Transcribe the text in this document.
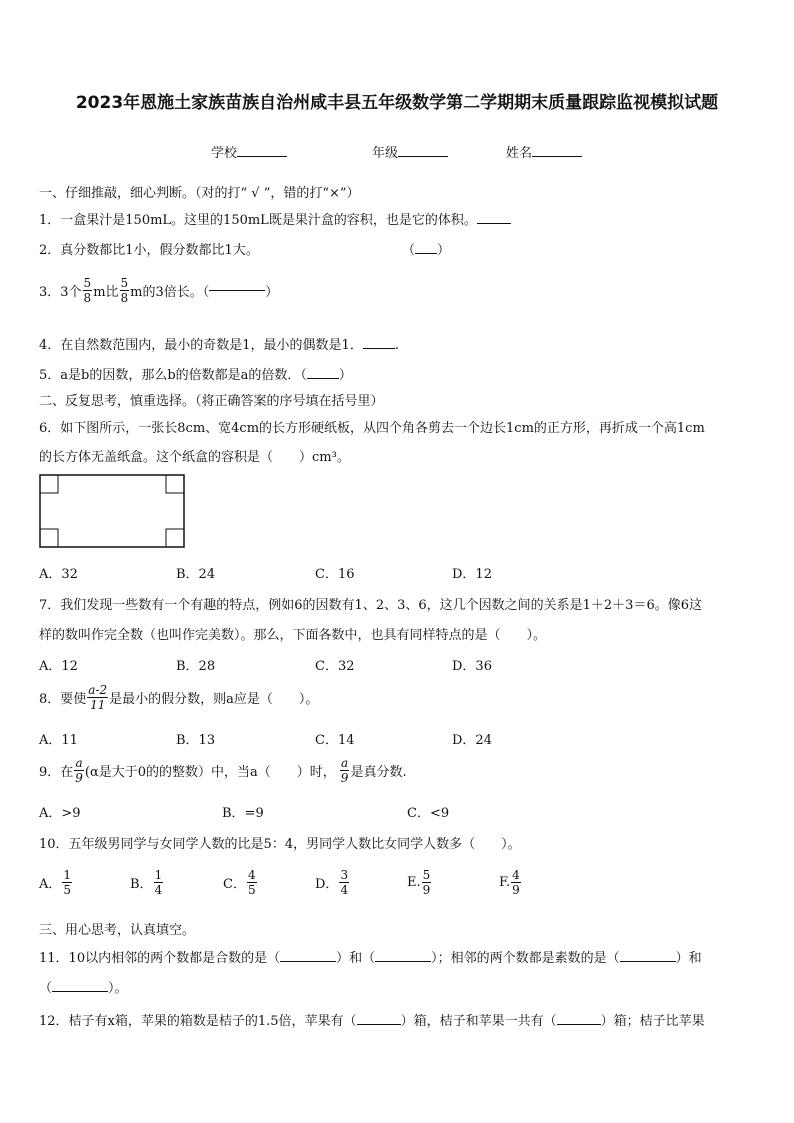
2023年恩施土家族苗族自治州咸丰县五年级数学第二学期期末质量跟踪监视模拟试题
学校	年级	姓名
一、仔细推敲，细心判断。（对的打“ √ ”，错的打“×”）
1．一盒果汁是150mL。这里的150mL既是果汁盒的容积，也是它的体积。
2．真分数都比1小，假分数都比1大。	（ ）
3．3个 $\frac{5}{8}$ m比 $\frac{5}{8}$ m的3倍长。（	）
4．在自然数范围内，最小的奇数是1，最小的偶数是1． .
5．a是b的因数，那么b的倍数都是a的倍数．（ ）
二、反复思考，慎重选择。（将正确答案的序号填在括号里）
6．如下图所示，一张长8cm、宽4cm的长方形硬纸板，从四个角各剪去一个边长1cm的正方形，再折成一个高1cm
的长方体无盖纸盒。这个纸盒的容积是（　　）cm³。
A．32	B．24	C．16	D．12
7．我们发现一些数有一个有趣的特点，例如6的因数有1、2、3、6，这几个因数之间的关系是1＋2＋3＝6。像6这
样的数叫作完全数（也叫作完美数）。那么，下面各数中，也具有同样特点的是（　　）。
A．12	B．28	C．32	D．36
8．要使 $\frac{a-2}{11}$ 是最小的假分数，则a应是（　　）。
A．11	B．13	C．14	D．24
9．在 $\frac{a}{9} (\alpha$是大于0的的整数）中，当a（　　）时， $\frac{a}{9}$ 是真分数.
A．>9	B．=9	C．<9
10．五年级男同学与女同学人数的比是5：4，男同学人数比女同学人数多（　　）。
A． $\frac{1}{5}$	B． $\frac{1}{4}$	C． $\frac{4}{5}$	D． $\frac{3}{4}$	E. $\frac{5}{9}$	F. $\frac{4}{9}$
三、用心思考，认真填空。
11．10以内相邻的两个数都是合数的是（	）和（	）；相邻的两个数都是素数的是（	）和
（	）。
12．桔子有x箱，苹果的箱数是桔子的1.5倍，苹果有（	）箱，桔子和苹果一共有（	）箱；桔子比苹果
